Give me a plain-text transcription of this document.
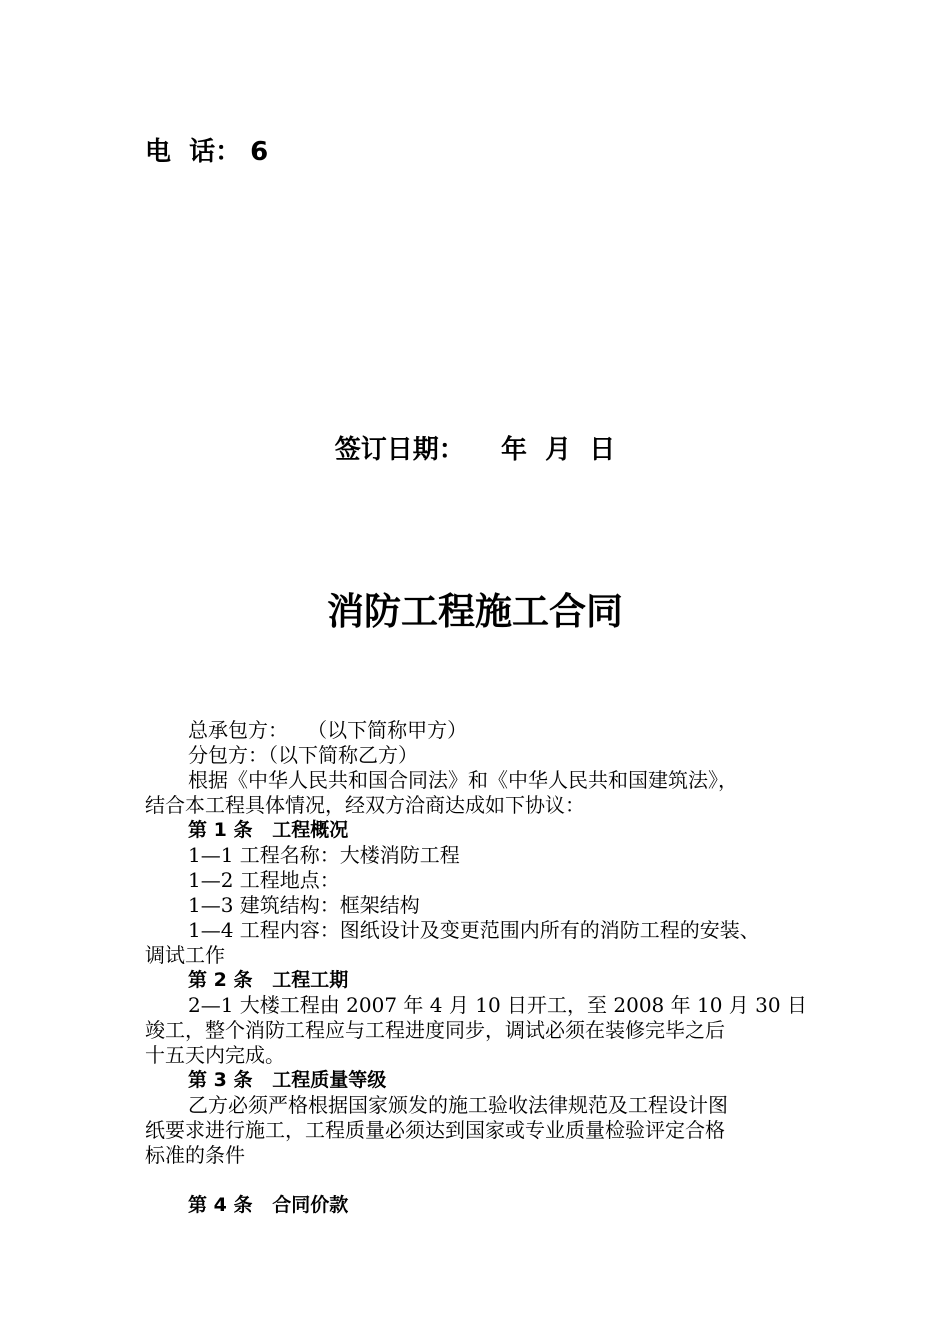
电  话： 6
签订日期：    年  月  日
消防工程施工合同
总承包方：   （以下简称甲方）
分包方：（以下简称乙方）
根据《中华人民共和国合同法》和《中华人民共和国建筑法》，
结合本工程具体情况，经双方洽商达成如下协议：
第 1 条   工程概况
1—1 工程名称：大楼消防工程
1—2 工程地点：
1—3 建筑结构：框架结构
1—4 工程内容：图纸设计及变更范围内所有的消防工程的安装、
调试工作
第 2 条   工程工期
2—1 大楼工程由 2007 年 4 月 10 日开工，至 2008 年 10 月 30 日
竣工，整个消防工程应与工程进度同步，调试必须在装修完毕之后
十五天内完成。
第 3 条   工程质量等级
乙方必须严格根据国家颁发的施工验收法律规范及工程设计图
纸要求进行施工，工程质量必须达到国家或专业质量检验评定合格
标准的条件
第 4 条   合同价款
